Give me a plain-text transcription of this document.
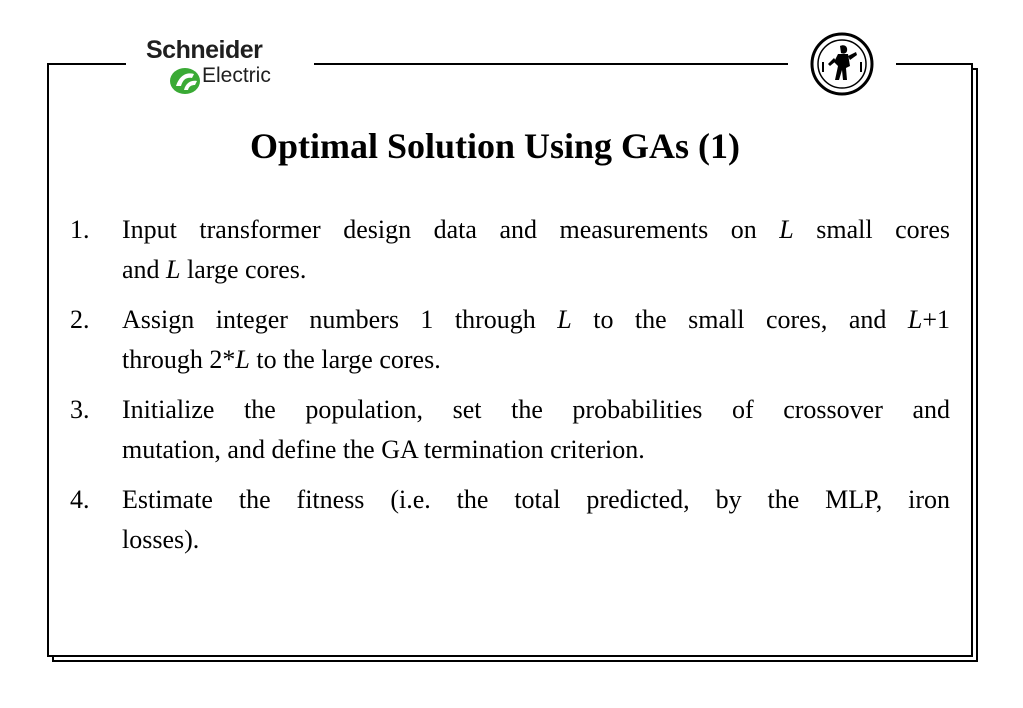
Schneider
Electric
Optimal Solution Using GAs (1)
1. Input transformer design data and measurements on L small cores
and L large cores.
2. Assign integer numbers 1 through L to the small cores, and L+1
through 2*L to the large cores.
3. Initialize the population, set the probabilities of crossover and
mutation, and define the GA termination criterion.
4. Estimate the fitness (i.e. the total predicted, by the MLP, iron
losses).
